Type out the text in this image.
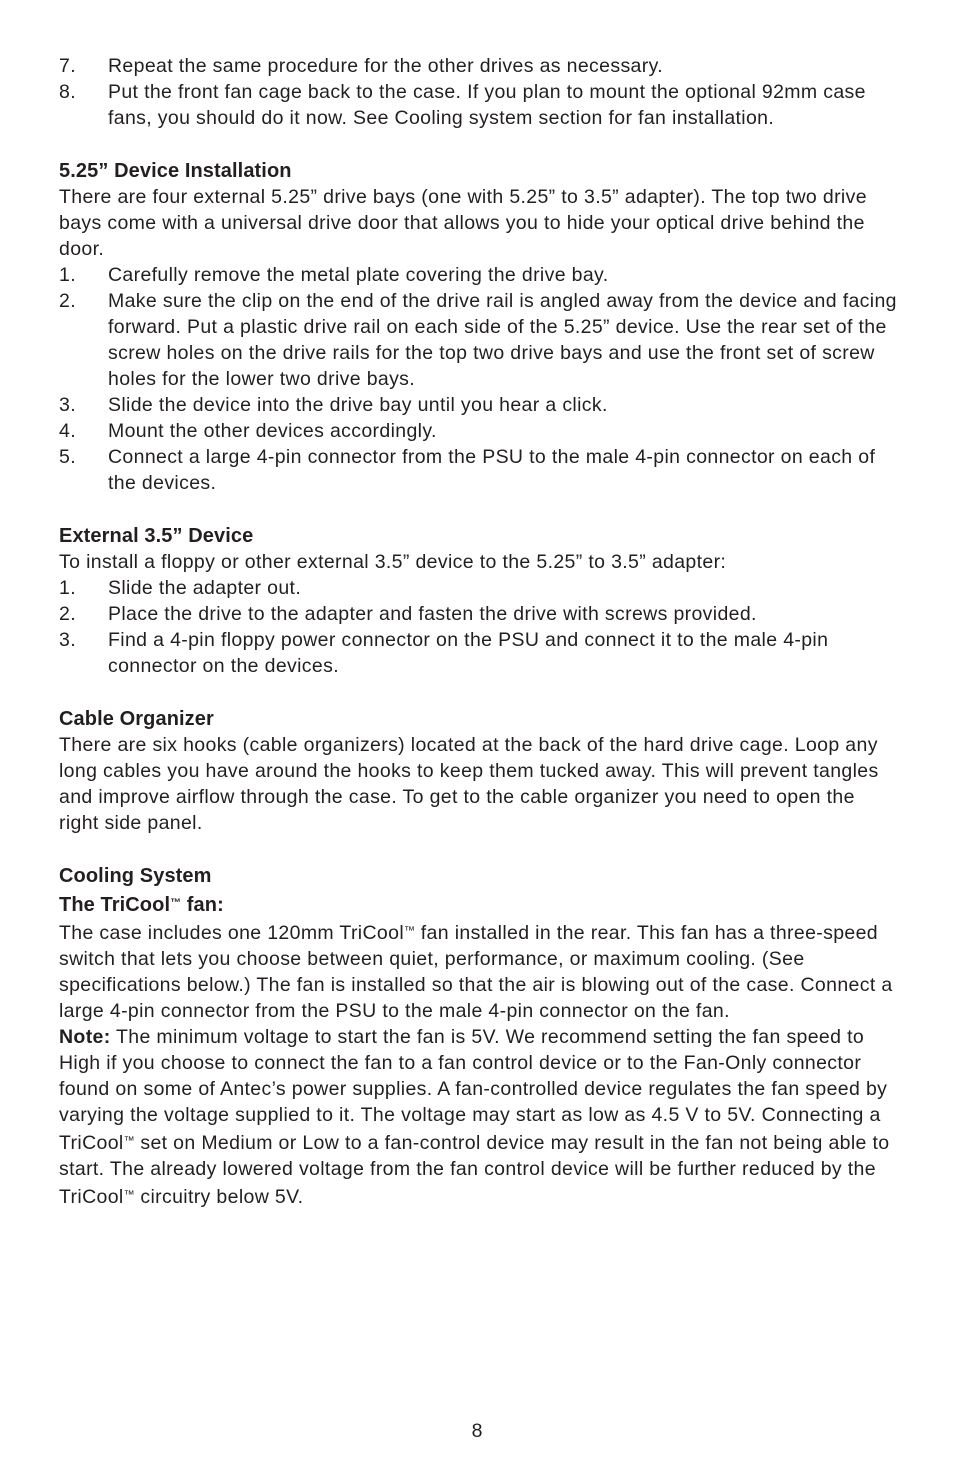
7.	Repeat the same procedure for the other drives as necessary.
8.	Put the front fan cage back to the case. If you plan to mount the optional 92mm case fans, you should do it now. See Cooling system section for fan installation.
5.25” Device Installation

There are four external 5.25” drive bays (one with 5.25” to 3.5” adapter). The top two drive bays come with a universal drive door that allows you to hide your optical drive behind the door.

1.	Carefully remove the metal plate covering the drive bay.
2.	Make sure the clip on the end of the drive rail is angled away from the device and facing forward. Put a plastic drive rail on each side of the 5.25” device. Use the rear set of the screw holes on the drive rails for the top two drive bays and use the front set of screw holes for the lower two drive bays.
3.	Slide the device into the drive bay until you hear a click.
4.	Mount the other devices accordingly.
5.	Connect a large 4-pin connector from the PSU to the male 4-pin connector on each of the devices.
External 3.5” Device

To install a floppy or other external 3.5” device to the 5.25” to 3.5” adapter:

1.	Slide the adapter out.
2.	Place the drive to the adapter and fasten the drive with screws provided.
3.	Find a 4-pin floppy power connector on the PSU and connect it to the male 4-pin connector on the devices.
Cable Organizer

There are six hooks (cable organizers) located at the back of the hard drive cage. Loop any long cables you have around the hooks to keep them tucked away. This will prevent tangles and improve airflow through the case. To get to the cable organizer you need to open the right side panel.

Cooling System
The TriCool™ fan:

The case includes one 120mm TriCool™ fan installed in the rear. This fan has a three-speed switch that lets you choose between quiet, performance, or maximum cooling. (See specifications below.) The fan is installed so that the air is blowing out of the case. Connect a large 4-pin connector from the PSU to the male 4-pin connector on the fan.

Note: The minimum voltage to start the fan is 5V. We recommend setting the fan speed to High if you choose to connect the fan to a fan control device or to the Fan-Only connector found on some of Antec’s power supplies. A fan-controlled device regulates the fan speed by varying the voltage supplied to it. The voltage may start as low as 4.5 V to 5V. Connecting a TriCool™ set on Medium or Low to a fan-control device may result in the fan not being able to start. The already lowered voltage from the fan control device will be further reduced by the TriCool™ circuitry below 5V.

8
